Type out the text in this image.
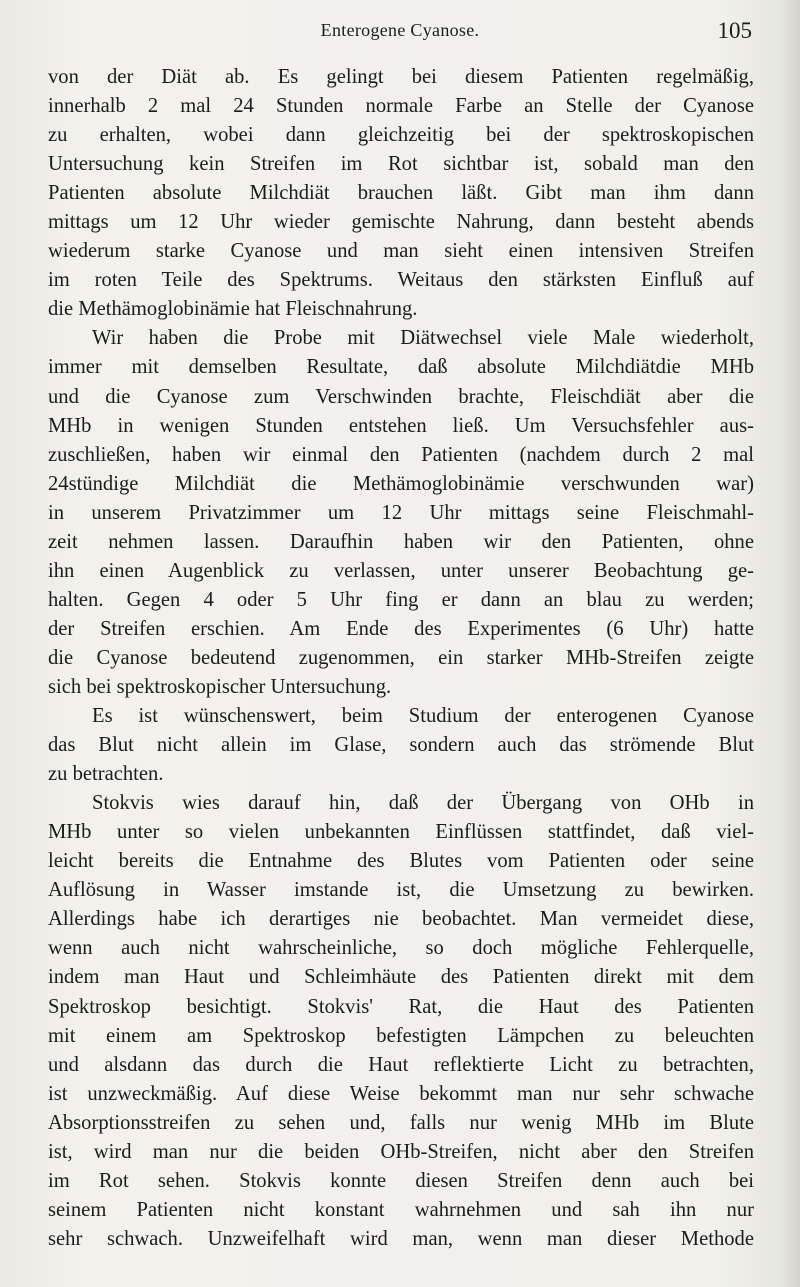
Enterogene Cyanose.	105
von der Diät ab. Es gelingt bei diesem Patienten regelmäßig,
innerhalb 2 mal 24 Stunden normale Farbe an Stelle der Cyanose
zu erhalten, wobei dann gleichzeitig bei der spektroskopischen
Untersuchung kein Streifen im Rot sichtbar ist, sobald man den
Patienten absolute Milchdiät brauchen läßt. Gibt man ihm dann
mittags um 12 Uhr wieder gemischte Nahrung, dann besteht abends
wiederum starke Cyanose und man sieht einen intensiven Streifen
im roten Teile des Spektrums. Weitaus den stärksten Einfluß auf
die Methämoglobinämie hat Fleischnahrung.
Wir haben die Probe mit Diätwechsel viele Male wiederholt,
immer mit demselben Resultate, daß absolute Milchdiätdie MHb
und die Cyanose zum Verschwinden brachte, Fleischdiät aber die
MHb in wenigen Stunden entstehen ließ. Um Versuchsfehler aus-
zuschließen, haben wir einmal den Patienten (nachdem durch 2 mal
24stündige Milchdiät die Methämoglobinämie verschwunden war)
in unserem Privatzimmer um 12 Uhr mittags seine Fleischmahl-
zeit nehmen lassen. Daraufhin haben wir den Patienten, ohne
ihn einen Augenblick zu verlassen, unter unserer Beobachtung ge-
halten. Gegen 4 oder 5 Uhr fing er dann an blau zu werden;
der Streifen erschien. Am Ende des Experimentes (6 Uhr) hatte
die Cyanose bedeutend zugenommen, ein starker MHb-Streifen zeigte
sich bei spektroskopischer Untersuchung.
Es ist wünschenswert, beim Studium der enterogenen Cyanose
das Blut nicht allein im Glase, sondern auch das strömende Blut
zu betrachten.
Stokvis wies darauf hin, daß der Übergang von OHb in
MHb unter so vielen unbekannten Einflüssen stattfindet, daß viel-
leicht bereits die Entnahme des Blutes vom Patienten oder seine
Auflösung in Wasser imstande ist, die Umsetzung zu bewirken.
Allerdings habe ich derartiges nie beobachtet. Man vermeidet diese,
wenn auch nicht wahrscheinliche, so doch mögliche Fehlerquelle,
indem man Haut und Schleimhäute des Patienten direkt mit dem
Spektroskop besichtigt. Stokvis' Rat, die Haut des Patienten
mit einem am Spektroskop befestigten Lämpchen zu beleuchten
und alsdann das durch die Haut reflektierte Licht zu betrachten,
ist unzweckmäßig. Auf diese Weise bekommt man nur sehr schwache
Absorptionsstreifen zu sehen und, falls nur wenig MHb im Blute
ist, wird man nur die beiden OHb-Streifen, nicht aber den Streifen
im Rot sehen. Stokvis konnte diesen Streifen denn auch bei
seinem Patienten nicht konstant wahrnehmen und sah ihn nur
sehr schwach. Unzweifelhaft wird man, wenn man dieser Methode
